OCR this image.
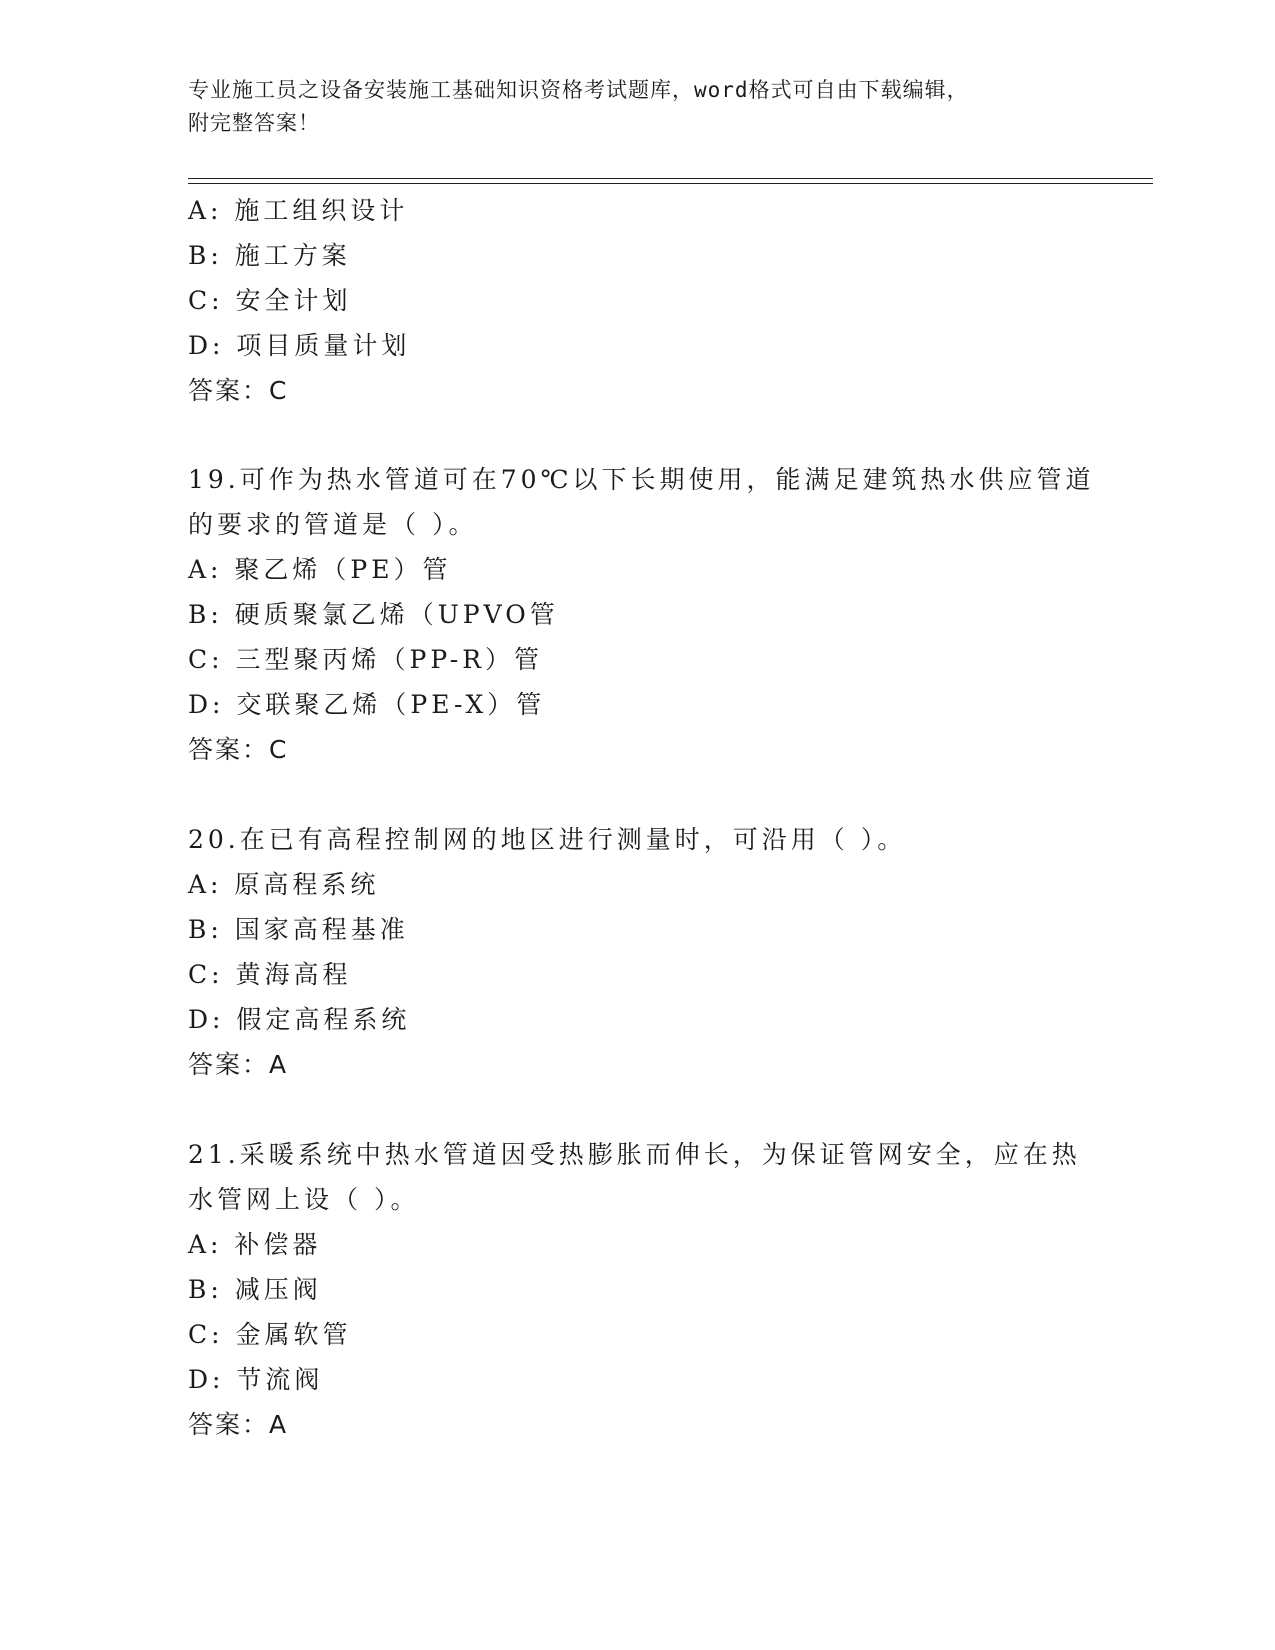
专业施工员之设备安装施工基础知识资格考试题库，word格式可自由下载编辑，
附完整答案！
A: 施工组织设计
B: 施工方案
C: 安全计划
D: 项目质量计划
答案：C
19.可作为热水管道可在70℃以下长期使用，能满足建筑热水供应管道
的要求的管道是（ ）。
A: 聚乙烯（PE）管
B: 硬质聚氯乙烯（UPVO管
C: 三型聚丙烯（PP-R）管
D: 交联聚乙烯（PE-X）管
答案：C
20.在已有高程控制网的地区进行测量时，可沿用（ ）。
A: 原高程系统
B: 国家高程基准
C: 黄海高程
D: 假定高程系统
答案：A
21.采暖系统中热水管道因受热膨胀而伸长，为保证管网安全，应在热
水管网上设（ ）。
A: 补偿器
B: 减压阀
C: 金属软管
D: 节流阀
答案：A
